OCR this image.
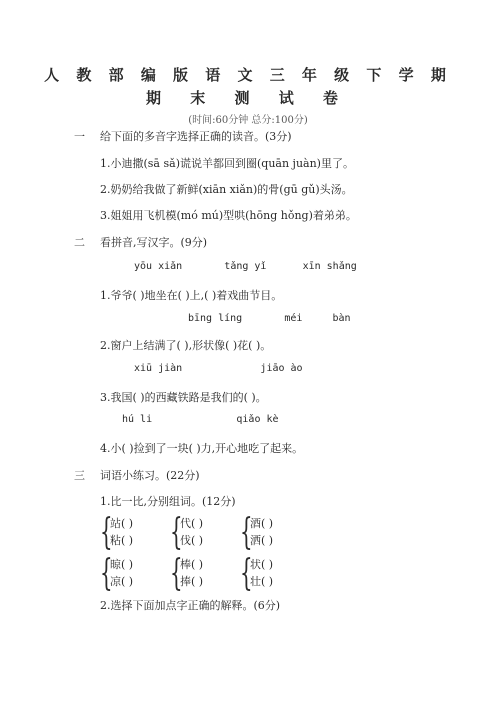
人 教 部 编 版 语 文 三 年 级 下 学 期
期 末 测 试 卷
(时间:60分钟 总分:100分)
一 给下面的多音字选择正确的读音。(3分)
1.小迪撒(sā sǎ)谎说羊都回到圈(quān juàn)里了。
2.奶奶给我做了新鲜(xiān xiǎn)的骨(gū gǔ)头汤。
3.姐姐用飞机模(mó mú)型哄(hōng hǒng)着弟弟。
二 看拼音,写汉字。(9分)
yōu xiǎn       tǎng yǐ      xīn shǎng
1.爷爷( )地坐在( )上,( )着戏曲节目。
bīng líng       méi     bàn
2.窗户上结满了( ),形状像( )花( )。
xiū jiàn             jiāo ào
3.我国( )的西藏铁路是我们的( )。
hú li              qiǎo kè
4.小( )捡到了一块( )力,开心地吃了起来。
三 词语小练习。(22分)
1.比一比,分别组词。(12分)
{
站( )
粘( ) {
代( )
伐( ) {
酒( )
洒( )
{
晾( )
凉( ) {
棒( )
捧( ) {
状( )
壮( )
2.选择下面加点字正确的解释。(6分)
